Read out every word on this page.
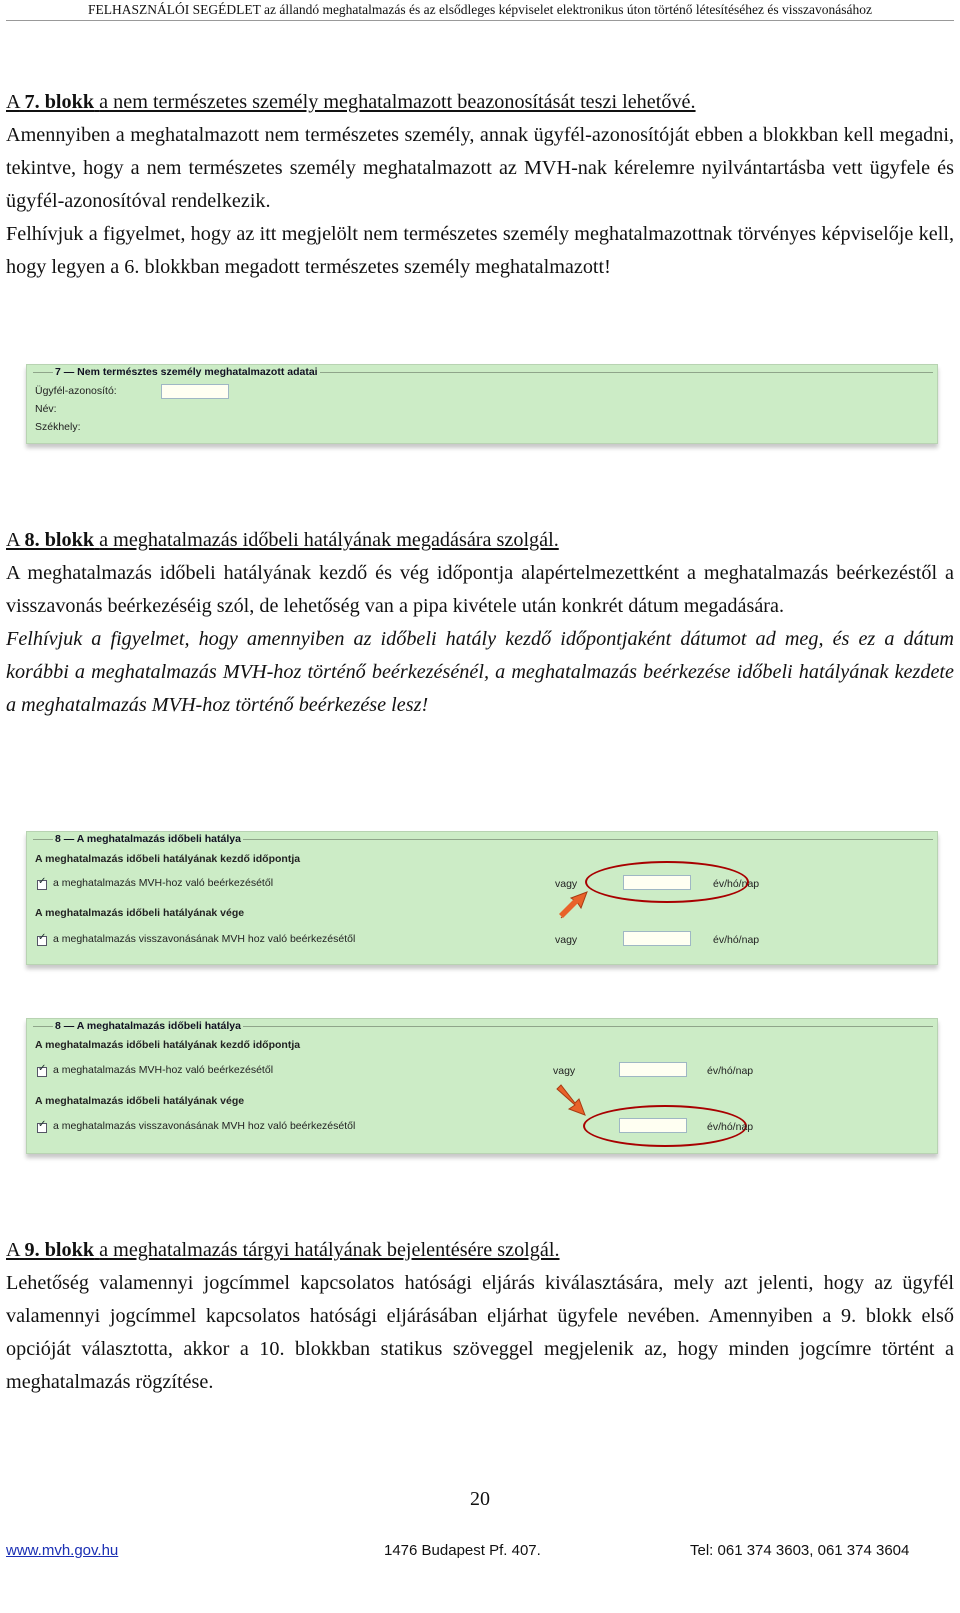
FELHASZNÁLÓI SEGÉDLET az állandó meghatalmazás és az elsődleges képviselet elektronikus úton történő létesítéséhez és visszavonásához

A 7. blokk a nem természetes személy meghatalmazott beazonosítását teszi lehetővé.

Amennyiben a meghatalmazott nem természetes személy, annak ügyfél-azonosítóját ebben a blokkban kell megadni, tekintve, hogy a nem természetes személy meghatalmazott az MVH-nak kérelemre nyilvántartásba vett ügyfele és ügyfél-azonosítóval rendelkezik.

Felhívjuk a figyelmet, hogy az itt megjelölt nem természetes személy meghatalmazottnak törvényes képviselője kell, hogy legyen a 6. blokkban megadott természetes személy meghatalmazott!

7 — Nem természtes személy meghatalmazott adatai
Ügyfél-azonosító:
Név:
Székhely:

A 8. blokk a meghatalmazás időbeli hatályának megadására szolgál.

A meghatalmazás időbeli hatályának kezdő és vég időpontja alapértelmezettként a meghatalmazás beérkezéstől a visszavonás beérkezéséig szól, de lehetőség van a pipa kivétele után konkrét dátum megadására.

Felhívjuk a figyelmet, hogy amennyiben az időbeli hatály kezdő időpontjaként dátumot ad meg, és ez a dátum korábbi a meghatalmazás MVH-hoz történő beérkezésénél, a meghatalmazás beérkezése időbeli hatályának kezdete a meghatalmazás MVH-hoz történő beérkezése lesz!

8 — A meghatalmazás időbeli hatálya
A meghatalmazás időbeli hatályának kezdő időpontja
✓
a meghatalmazás MVH-hoz való beérkezésétől	vagy	év/hó/nap
A meghatalmazás időbeli hatályának vége
✓
a meghatalmazás visszavonásának MVH hoz való beérkezésétől	vagy	év/hó/nap
8 — A meghatalmazás időbeli hatálya
A meghatalmazás időbeli hatályának kezdő időpontja
✓
a meghatalmazás MVH-hoz való beérkezésétől	vagy	év/hó/nap
A meghatalmazás időbeli hatályának vége
✓
a meghatalmazás visszavonásának MVH hoz való beérkezésétől	év/hó/nap

A 9. blokk a meghatalmazás tárgyi hatályának bejelentésére szolgál.

Lehetőség valamennyi jogcímmel kapcsolatos hatósági eljárás kiválasztására, mely azt jelenti, hogy az ügyfél valamennyi jogcímmel kapcsolatos hatósági eljárásában eljárhat ügyfele nevében. Amennyiben a 9. blokk első opcióját választotta, akkor a 10. blokkban statikus szöveggel megjelenik az, hogy minden jogcímre történt a meghatalmazás rögzítése.

20
www.mvh.gov.hu	1476 Budapest Pf. 407.	Tel: 061 374 3603, 061 374 3604
